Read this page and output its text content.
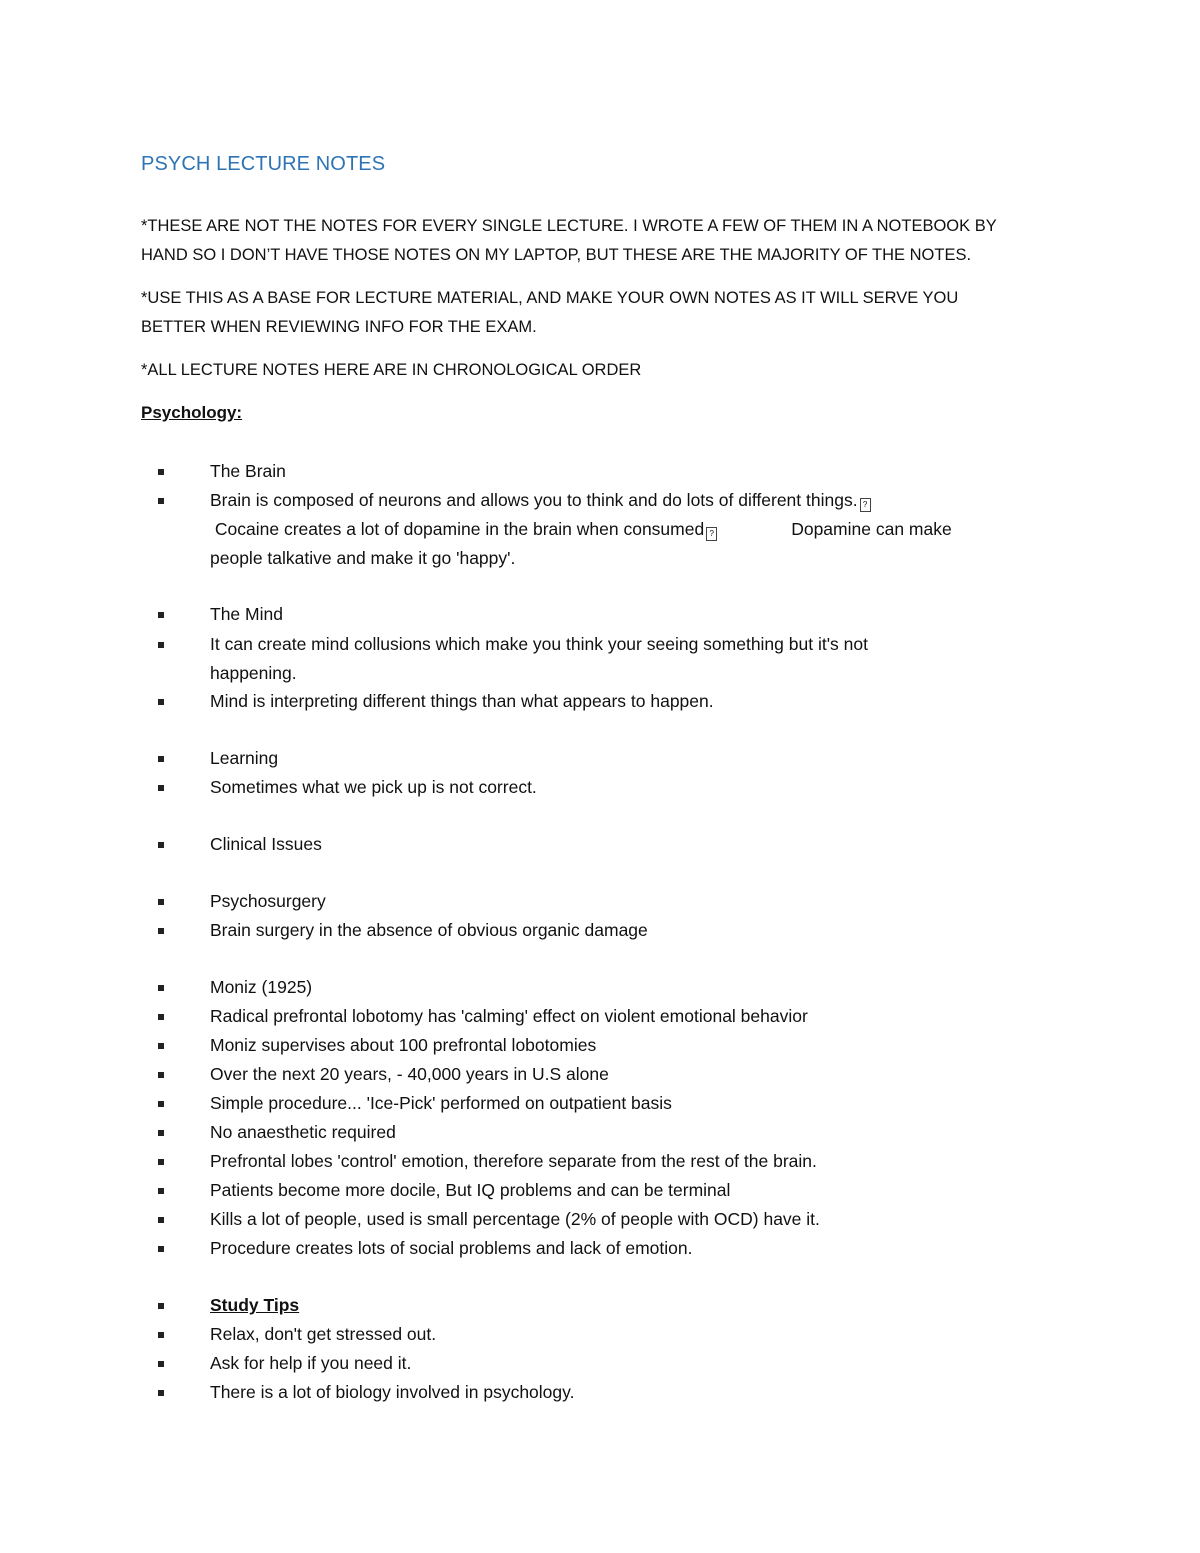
PSYCH LECTURE NOTES

*THESE ARE NOT THE NOTES FOR EVERY SINGLE LECTURE. I WROTE A FEW OF THEM IN A NOTEBOOK BY
HAND SO I DON’T HAVE THOSE NOTES ON MY LAPTOP, BUT THESE ARE THE MAJORITY OF THE NOTES.

*USE THIS AS A BASE FOR LECTURE MATERIAL, AND MAKE YOUR OWN NOTES AS IT WILL SERVE YOU
BETTER WHEN REVIEWING INFO FOR THE EXAM.

*ALL LECTURE NOTES HERE ARE IN CHRONOLOGICAL ORDER

Psychology:
The Brain
Brain is composed of neurons and allows you to think and do lots of different things. ?
Cocaine creates a lot of dopamine in the brain when consumed ?	Dopamine can make
people talkative and make it go 'happy'.
The Mind
It can create mind collusions which make you think your seeing something but it's not
happening.
Mind is interpreting different things than what appears to happen.
Learning
Sometimes what we pick up is not correct.
Clinical Issues
Psychosurgery
Brain surgery in the absence of obvious organic damage
Moniz (1925)
Radical prefrontal lobotomy has 'calming' effect on violent emotional behavior
Moniz supervises about 100 prefrontal lobotomies
Over the next 20 years, - 40,000 years in U.S alone
Simple procedure... 'Ice-Pick' performed on outpatient basis
No anaesthetic required
Prefrontal lobes 'control' emotion, therefore separate from the rest of the brain.
Patients become more docile, But IQ problems and can be terminal
Kills a lot of people, used is small percentage (2% of people with OCD) have it.
Procedure creates lots of social problems and lack of emotion.
Study Tips
Relax, don't get stressed out.
Ask for help if you need it.
There is a lot of biology involved in psychology.
